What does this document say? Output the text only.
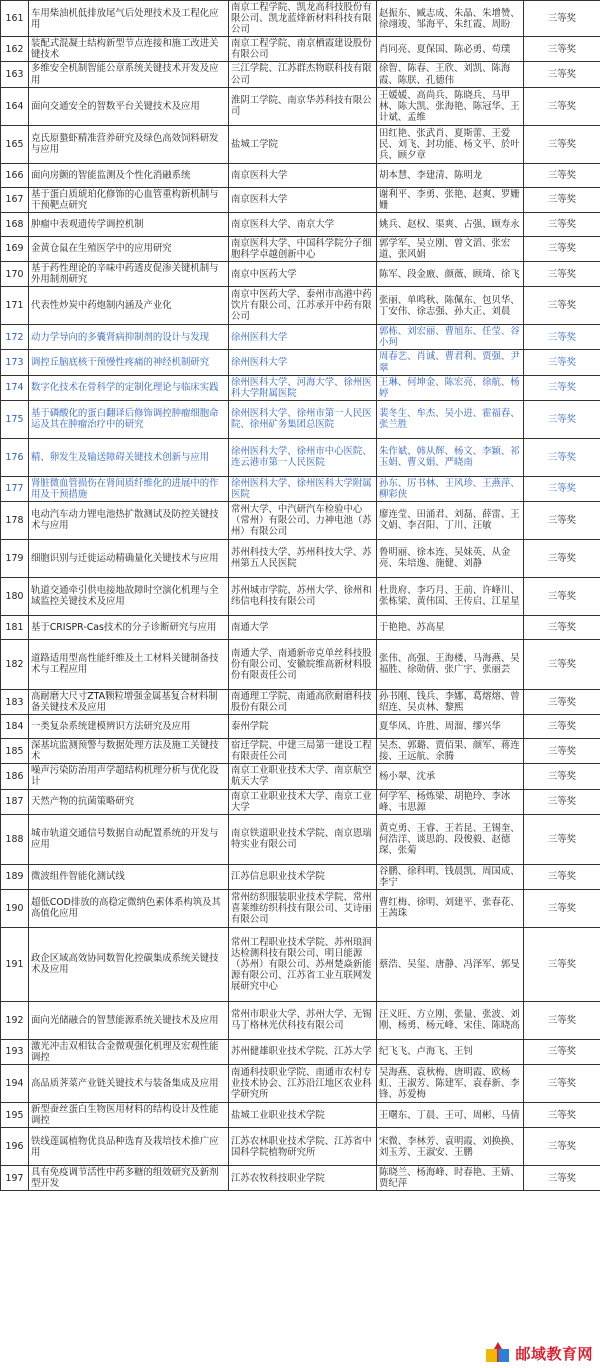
161	车用柴油机低排放尾气后处理技术及工程化应用	南京工程学院、凯龙高科技股份有限公司、凯龙蓝烽新材料科技有限公司	赵振东、臧志成、朱晶、朱增赞、徐翊竣、邹海平、朱红霞、周盼	三等奖
162	装配式混凝土结构新型节点连接和施工改进关键技术	南京工程学院、南京栖霞建设股份有限公司	肖同亮、夏保国、陈必勇、苟璞	三等奖
163	多维安全机制智能公章系统关键技术开发及应用	三江学院、江苏群杰物联科技有限公司	徐智、陈春、王欣、刘凯、陈海霞、陈朕、孔德伟	三等奖
164	面向交通安全的智数平台关键技术及应用	淮阴工学院、南京华苏科技有限公司	王媛媛、高尚兵、陈晓兵、马甲林、陈大凯、张海艳、陈冠华、王计斌、孟维	三等奖
165	克氏原螯虾精准营养研究及绿色高效饲料研发与应用	盐城工学院	田红艳、张武肖、夏斯蕾、王爱民、刘飞、封功能、杨文平、於叶兵、顾夕章	三等奖
166	面向房颤的智能监测及个性化消融系统	南京医科大学	胡本慧、李建清、陈明龙	三等奖
167	基于蛋白质琥珀化修饰的心血管重构新机制与干预靶点研究	南京医科大学	谢利平、李勇、张艳、赵爽、罗姗姗	三等奖
168	肿瘤中表观遗传学调控机制	南京医科大学、南京大学	姚兵、赵权、渠爽、占强、顾寿永	三等奖
169	金黄仓鼠在生殖医学中的应用研究	南京医科大学、中国科学院分子细胞科学卓越创新中心	郭学军、吴立刚、曾文滔、张宏道、张风娟	三等奖
170	基于药性理论的辛味中药透皮促渗关键机制与外用制剂研究	南京中医药大学	陈军、段金廒、颜薇、顾琦、徐飞	三等奖
171	代表性炒炭中药炮制内涵及产业化	南京中医药大学、泰州市高港中药饮片有限公司、江苏承开中药有限公司	张丽、单鸣秋、陈佩东、包贝华、丁安伟、徐志强、孙大正、刘晨	三等奖
172	动力学导向的多囊肾病抑制剂的设计与发现	徐州医科大学	郭栋、刘宏丽、曹旭东、任莹、谷小珂	三等奖
173	调控丘脑底核干预慢性疼痛的神经机制研究	徐州医科大学	周春艺、肖诚、曹君利、贾强、尹翠	三等奖
174	数字化技术在骨科学的定制化理论与临床实践	徐州医科大学、河海大学、徐州医科大学附属医院	王琳、何坤金、陈宏亮、徐航、杨婷	三等奖
175	基于磷酸化的蛋白翻译后修饰调控肿瘤细胞命运及其在肿瘤治疗中的研究	徐州医科大学、徐州市第一人民医院、徐州矿务集团总医院	裴冬生、牟杰、吴小进、霍福春、张兰胜	三等奖
176	精、卵发生及输送障碍关键技术创新与应用	徐州医科大学、徐州市中心医院、连云港市第一人民医院	朱作斌、韩从辉、杨文、李颖、祁玉娟、曹义娟、严晓南	三等奖
177	肾脏微血管损伤在肾间质纤维化的进展中的作用及干预措施	徐州医科大学、徐州医科大学附属医院	孙东、厉书林、王风珍、王燕萍、柳彩侠	三等奖
178	电动汽车动力锂电池热扩散测试及防控关键技术与应用	常州大学、中汽研汽车检验中心（常州）有限公司、力神电池（苏州）有限公司	廖连莹、田涌君、刘磊、薛雷、王文娟、李召阳、丁川、汪敏	三等奖
179	细胞识别与迁徙运动精确量化关键技术与应用	苏州科技大学、苏州科技大学、苏州第五人民医院	鲁明丽、徐本连、吴妹英、从金亮、朱培逸、施健、刘静	三等奖
180	轨道交通牵引供电接地故障时空演化机理与全域监控关键技术及应用	苏州城市学院、苏州大学、徐州和纬信电科技有限公司	杜贵府、李巧月、王前、许峰川、张栋梁、黄伟国、王传启、江星星	三等奖
181	基于CRISPR-Cas技术的分子诊断研究与应用	南通大学	于艳艳、苏高星	三等奖
182	道路适用型高性能纤维及土工材料关键制备技术与工程应用	南通大学、南通新帝克单丝科技股份有限公司、安徽皖维高新材料股份有限责任公司	张伟、高强、王海楼、马海燕、吴福胜、徐勋倩、张广宇、张丽芸	三等奖
183	高耐磨大尺寸ZTA颗粒增强金属基复合材料制备关键技术及应用	南通理工学院、南通高欣耐磨科技股份有限公司	孙书刚、钱兵、李娜、葛熔熔、曾绍连、吴贞林、黎熙	三等奖
184	一类复杂系统建模辨识方法研究及应用	泰州学院	夏华凤、许胜、周溜、缪兴华	三等奖
185	深基坑监测预警与数据处理方法及施工关键技术	宿迁学院、中建三局第一建设工程有限责任公司	吴杰、郭璐、贾佰果、颜军、蒋连接、王远航、余腾	三等奖
186	噪声污染防治用声学超结构机理分析与优化设计	南京工业职业技术大学、南京航空航天大学	杨小翠、沈承	三等奖
187	天然产物的抗菌策略研究	南京工业职业技术大学、南京工业大学	何学军、杨炼梁、胡艳玲、李冰峰、韦思源	三等奖
188	城市轨道交通信号数据自动配置系统的开发与应用	南京铁道职业技术学院、南京恩瑞特实业有限公司	黄克勇、王睿、王若昆、王锡奎、何浩洋、谈思韵、段俊毅、赵德琛、张菊	三等奖
189	微波组件智能化测试线	江苏信息职业技术学院	谷鹏、徐科明、钱晨凯、周国成、李宁	三等奖
190	超低COD排放的高稳定微纳色素体系构筑及其高值化应用	常州纺织服装职业技术学院、常州喜莱维纺织科技有限公司、艾诗丽有限公司	曹红梅、徐明、刘建平、张春花、王茜珠	三等奖
191	政企区域高效协同数智化控碳集成系统关键技术及应用	常州工程职业技术学院、苏州琅润达检测科技有限公司、明日能源（苏州）有限公司、苏州楚焱新能源有限公司、江苏省工业互联网发展研究中心	蔡浩、吴玺、唐静、冯泽军、郭旻	三等奖
192	面向光储融合的智慧能源系统关键技术及应用	常州市职业大学、苏州大学、无锡马丁格林光伏科技有限公司	汪义旺、方立刚、张量、张波、刘刚、杨勇、杨元峰、宋佳、陈晓高	三等奖
193	激光冲击双相钛合金微观强化机理及宏观性能调控	苏州健雄职业技术学院、江苏大学	纪飞飞、卢海飞、王钊	三等奖
194	高品质荠菜产业链关键技术与装备集成及应用	南通科技职业学院、南通市农村专业技术协会、江苏沿江地区农业科学研究所	吴海燕、袁秋梅、唐明霞、欧杨虹、王淑芳、陈建军、袁春新、李锋、苏爱梅	三等奖
195	新型蚕丝蛋白生物医用材料的结构设计及性能调控	盐城工业职业技术学院	王曙东、丁晨、王可、周彬、马倩	三等奖
196	铁线莲属植物优良品种选育及栽培技术推广应用	江苏农林职业技术学院、江苏省中国科学院植物研究所	宋微、李林芳、袁明霞、刘换换、刘玉芳、王淑安、王鹏	三等奖
197	具有免疫调节活性中药多糖的组效研究及新剂型开发	江苏农牧科技职业学院	陈晓兰、杨海峰、时春艳、王婧、贾纪萍	三等奖
邮域教育网
